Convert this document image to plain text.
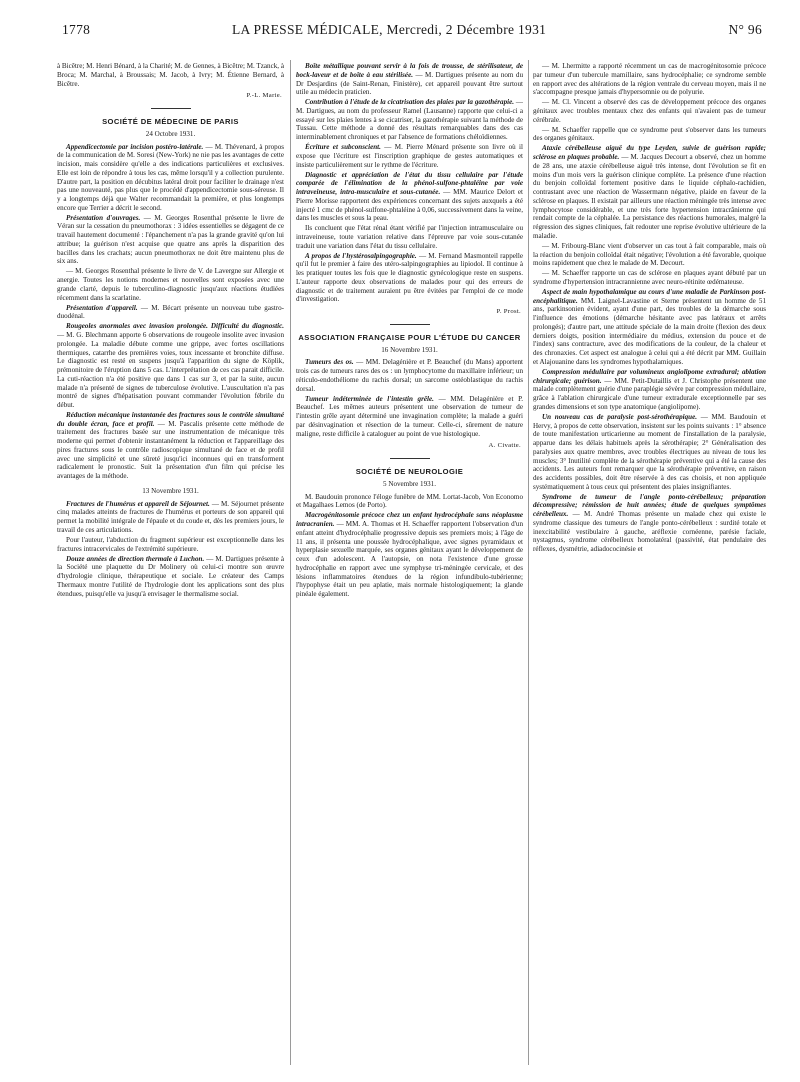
1778	LA PRESSE MÉDICALE, Mercredi, 2 Décembre 1931	N° 96

à Bicêtre; M. Henri Bénard, à la Charité; M. de Gennes, à Bicêtre; M. Tzanck, à Broca; M. Marchal, à Broussais; M. Jacob, à Ivry; M. Étienne Bernard, à Bicêtre.

P.-L. Marie.
SOCIÉTÉ DE MÉDECINE DE PARIS
24 Octobre 1931.

Appendicectomie par incision postéro-latérale. — M. Thévenard, à propos de la communication de M. Soresi (New-York) ne nie pas les avantages de cette incision, mais considère qu'elle a des indications particulières et exclusives. Elle est loin de répondre à tous les cas, même lorsqu'il y a collection purulente. D'autre part, la position en décubitus latéral droit pour faciliter le drainage n'est pas une nouveauté, pas plus que le procédé d'appendicectomie sous-séreuse. Il y a longtemps déjà que Walter recommandait la première, et plus longtemps encore que Terrier a décrit le second.

Présentation d'ouvrages. — M. Georges Rosenthal présente le livre de Véran sur la cessation du pneumothorax : 3 idées essentielles se dégagent de ce travail hautement documenté : l'épanchement n'a pas la grande gravité qu'on lui attribue; la guérison n'est acquise que quatre ans après la disparition des bacilles dans les crachats; aucun pneumothorax ne doit être maintenu plus de six ans.

— M. Georges Rosenthal présente le livre de V. de Lavergne sur Allergie et anergie. Toutes les notions modernes et nouvelles sont exposées avec une grande clarté, depuis le tuberculino-diagnostic jusqu'aux réactions étudiées récemment dans la scarlatine.

Présentation d'appareil. — M. Bécart présente un nouveau tube gastro-duodénal.

Rougeoles anormales avec invasion prolongée. Difficulté du diagnostic. — M. G. Blechmann apporte 6 observations de rougeole insolite avec invasion prolongée. La maladie débute comme une grippe, avec fortes oscillations thermiques, catarrhe des premières voies, toux incessante et bronchite diffuse. Le diagnostic est resté en suspens jusqu'à l'apparition du signe de Köplik, prémonitoire de l'éruption dans 5 cas. L'interprétation de ces cas parait difficile. La cuti-réaction n'a été positive que dans 1 cas sur 3, et par la suite, aucun malade n'a présenté de signes de tuberculose évolutive. L'auscultation n'a pas montré de signes d'hépatisation pouvant commander l'évolution fébrile du début.

Réduction mécanique instantanée des fractures sous le contrôle simultané du double écran, face et profil. — M. Pascalis présente cette méthode de traitement des fractures basée sur une instrumentation de mécanique très moderne qui permet d'obtenir instantanément la réduction et l'appareillage des pires fractures sous le contrôle radioscopique simultané de face et de profil avec une simplicité et une sûreté jusqu'ici inconnues qui en transforment radicalement le pronostic. Suit la présentation d'un film qui précise les avantages de la méthode.

13 Novembre 1931.

Fractures de l'humérus et appareil de Séjournet. — M. Séjournet présente cinq malades atteints de fractures de l'humérus et porteurs de son appareil qui permet la mobilité intégrale de l'épaule et du coude et, dès les premiers jours, le travail de ces articulations.

Pour l'auteur, l'abduction du fragment supérieur est exceptionnelle dans les fractures intracervicales de l'extrémité supérieure.

Douze années de direction thermale à Luchon. — M. Dartigues présente à la Société une plaquette du Dr Molinery où celui-ci montre son œuvre d'hydrologie clinique, thérapeutique et sociale. Le créateur des Camps Thermaux montre l'utilité de l'hydrologie dont les applications sont des plus étendues, puisqu'elle va jusqu'à envisager le thermalisme social.

Boîte métallique pouvant servir à la fois de trousse, de stérilisateur, de bock-laveur et de boîte à eau stérilisée. — M. Dartigues présente au nom du Dr Desjardins (de Saint-Renan, Finistère), cet appareil pouvant être surtout utile au médecin praticien.

Contribution à l'étude de la cicatrisation des plaies par la gazothérapie. — M. Dartigues, au nom du professeur Ramel (Lausanne) rapporte que celui-ci a essayé sur les plaies lentes à se cicatriser, la gazothérapie suivant la méthode de Tussau. Cette méthode a donné des résultats remarquables dans des cas interminablement chroniques et par l'absence de formations chéloïdiennes.

Écriture et subconscient. — M. Pierre Ménard présente son livre où il expose que l'écriture est l'inscription graphique de gestes automatiques et insiste particulièrement sur le rythme de l'écriture.

Diagnostic et appréciation de l'état du tissu cellulaire par l'étude comparée de l'élimination de la phénol-sulfone-phtaléine par voie intraveineuse, intra-musculaire et sous-cutanée. — MM. Maurice Delort et Pierre Morisse rapportent des expériences concernant des sujets auxquels a été injecté 1 cmc de phénol-sulfone-phtaléine à 0,06, successivement dans la veine, dans les muscles et sous la peau.

Ils concluent que l'état rénal étant vérifié par l'injection intramusculaire ou intraveineuse, toute variation relative dans l'épreuve par voie sous-cutanée traduit une variation dans l'état du tissu cellulaire.

A propos de l'hystérosalpingographie. — M. Fernand Masmonteil rappelle qu'il fut le premier à faire des utéro-salpingographies au lipiodol. Il continue à les pratiquer toutes les fois que le diagnostic gynécologique reste en suspens. L'auteur rapporte deux observations de malades pour qui des erreurs de diagnostic et de traitement auraient pu être évitées par l'emploi de ce mode d'investigation.

P. Prost.
ASSOCIATION FRANÇAISE POUR L'ÉTUDE DU CANCER
16 Novembre 1931.

Tumeurs des os. — MM. Delagénière et P. Beauchef (du Mans) apportent trois cas de tumeurs rares des os : un lymphocytome du maxillaire inférieur; un réticulo-endothéliome du rachis dorsal; un sarcome ostéoblastique du rachis dorsal.

Tumeur indéterminée de l'intestin grêle. — MM. Delagénière et P. Beauchef. Les mêmes auteurs présentent une observation de tumeur de l'intestin grêle ayant déterminé une invagination complète; la malade a guéri par désinvagination et résection de la tumeur. Celle-ci, sûrement de nature maligne, reste difficile à cataloguer au point de vue histologique.

A. Civatte.
SOCIÉTÉ DE NEUROLOGIE
5 Novembre 1931.

M. Baudouin prononce l'éloge funèbre de MM. Lortat-Jacob, Von Economo et Magalhaes Lemos (de Porto).

Macrogénitosomie précoce chez un enfant hydrocéphale sans néoplasme intracranien. — MM. A. Thomas et H. Schaeffer rapportent l'observation d'un enfant atteint d'hydrocéphalie progressive depuis ses premiers mois; à l'âge de 11 ans, il présenta une poussée hydrocéphalique, avec signes pyramidaux et hyperplasie sexuelle marquée, ses organes génitaux ayant le développement de ceux d'un adolescent. A l'autopsie, on nota l'existence d'une grosse hydrocéphalie en rapport avec une symphyse tri-méningée cervicale, et des lésions inflammatoires étendues de la région infundibulo-tubérienne; l'hypophyse était un peu aplatie, mais normale histologiquement; la glande pinéale également.

— M. Lhermitte a rapporté récemment un cas de macrogénitosomie précoce par tumeur d'un tubercule mamillaire, sans hydrocéphalie; ce syndrome semble en rapport avec des altérations de la région ventrale du cerveau moyen, mais il ne s'accompagne presque jamais d'hypersomnie ou de polyurie.

— M. Cl. Vincent a observé des cas de développement précoce des organes génitaux avec troubles mentaux chez des enfants qui n'avaient pas de tumeur cérébrale.

— M. Schaeffer rappelle que ce syndrome peut s'observer dans les tumeurs des organes génitaux.

Ataxie cérébelleuse aiguë du type Leyden, suivie de guérison rapide; sclérose en plaques probable. — M. Jacques Decourt a observé, chez un homme de 28 ans, une ataxie cérébelleuse aiguë très intense, dont l'évolution se fit en moins d'un mois vers la guérison clinique complète. La présence d'une réaction du benjoin colloïdal fortement positive dans le liquide céphalo-rachidien, contrastant avec une réaction de Wassermann négative, plaide en faveur de la sclérose en plaques. Il existait par ailleurs une réaction méningée très intense avec lymphocytose considérable, et une très forte hypertension intracrânienne qui rendait compte de la céphalée. La persistance des réactions humorales, malgré la régression des signes cliniques, fait redouter une reprise évolutive ultérieure de la maladie.

— M. Fribourg-Blanc vient d'observer un cas tout à fait comparable, mais où la réaction du benjoin colloïdal était négative; l'évolution a été favorable, quoique moins rapidement que chez le malade de M. Decourt.

— M. Schaeffer rapporte un cas de sclérose en plaques ayant débuté par un syndrome d'hypertension intracrannienne avec neuro-rétinite œdémateuse.

Aspect de main hypothalamique au cours d'une maladie de Parkinson post-encéphalitique. MM. Laignel-Lavastine et Sterne présentent un homme de 51 ans, parkinsonien évident, ayant d'une part, des troubles de la démarche sous l'influence des émotions (démarche hésitante avec pas latéraux et arrêts prolongés); d'autre part, une attitude spéciale de la main droite (flexion des deux derniers doigts, position intermédiaire du médius, extension du pouce et de l'index) sans contracture, avec des modifications de la couleur, de la chaleur et des chronaxies. Cet aspect est analogue à celui qui a été décrit par MM. Guillain et Alajouanine dans les syndromes hypothalamiques.

Compression médullaire par volumineux angiolipome extradural; ablation chirurgicale; guérison. — MM. Petit-Dutaillis et J. Christophe présentent une malade complètement guérie d'une paraplégie sévère par compression médullaire, grâce à l'ablation chirurgicale d'une tumeur extradurale exceptionnelle par ses grandes dimensions et son type anatomique (angiolipome).

Un nouveau cas de paralysie post-sérothérapique. — MM. Baudouin et Hervy, à propos de cette observation, insistent sur les points suivants : 1° absence de toute manifestation urticarienne au moment de l'installation de la paralysie, apparue dans les délais habituels après la sérothérapie; 2° Généralisation des paralysies aux quatre membres, avec troubles électriques au niveau de tous les muscles; 3° Inutilité complète de la sérothérapie préventive qui a été la cause des accidents. Les auteurs font remarquer que la sérothérapie préventive, en raison des accidents possibles, doit être réservée à des cas choisis, et non appliquée systématiquement à tous ceux qui présentent des plaies insignifiantes.

Syndrome de tumeur de l'angle ponto-cérébelleux; préparation décompressive; rémission de huit années; étude de quelques symptômes cérébelleux. — M. André Thomas présente un malade chez qui existe le syndrome classique des tumeurs de l'angle ponto-cérébelleux : surdité totale et inexcitabilité vestibulaire à gauche, aréflexie cornéenne, parésie faciale, nystagmus, syndrome cérébelleux homolatéral (passivité, état pendulaire des réflexes, dysmétrie, adiadococinésie et
